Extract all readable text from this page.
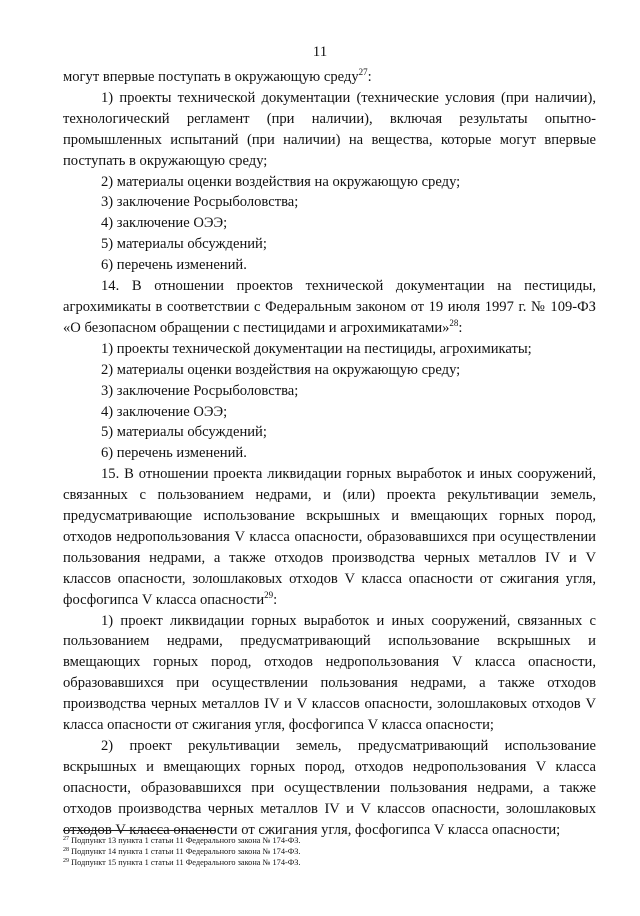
11

могут впервые поступать в окружающую среду$^{27}$:

1) проекты технической документации (технические условия (при наличии), технологический регламент (при наличии), включая результаты опытно-промышленных испытаний (при наличии) на вещества, которые могут впервые поступать в окружающую среду;

2) материалы оценки воздействия на окружающую среду;

3) заключение Росрыболовства;

4) заключение ОЭЭ;

5) материалы обсуждений;

6) перечень изменений.

14. В отношении проектов технической документации на пестициды, агрохимикаты в соответствии с Федеральным законом от 19 июля 1997 г. № 109-ФЗ «О безопасном обращении с пестицидами и агрохимикатами»$^{28}$:

1) проекты технической документации на пестициды, агрохимикаты;

2) материалы оценки воздействия на окружающую среду;

3) заключение Росрыболовства;

4) заключение ОЭЭ;

5) материалы обсуждений;

6) перечень изменений.

15. В отношении проекта ликвидации горных выработок и иных сооружений, связанных с пользованием недрами, и (или) проекта рекультивации земель, предусматривающие использование вскрышных и вмещающих горных пород, отходов недропользования V класса опасности, образовавшихся при осуществлении пользования недрами, а также отходов производства черных металлов IV и V классов опасности, золошлаковых отходов V класса опасности от сжигания угля, фосфогипса V класса опасности$^{29}$:

1) проект ликвидации горных выработок и иных сооружений, связанных с пользованием недрами, предусматривающий использование вскрышных и вмещающих горных пород, отходов недропользования V класса опасности, образовавшихся при осуществлении пользования недрами, а также отходов производства черных металлов IV и V классов опасности, золошлаковых отходов V класса опасности от сжигания угля, фосфогипса V класса опасности;

2) проект рекультивации земель, предусматривающий использование вскрышных и вмещающих горных пород, отходов недропользования V класса опасности, образовавшихся при осуществлении пользования недрами, а также отходов производства черных металлов IV и V классов опасности, золошлаковых отходов V класса опасности от сжигания угля, фосфогипса V класса опасности;

$^{27}$ Подпункт 13 пункта 1 статьи 11 Федерального закона № 174-ФЗ.
$^{28}$ Подпункт 14 пункта 1 статьи 11 Федерального закона № 174-ФЗ.
$^{29}$ Подпункт 15 пункта 1 статьи 11 Федерального закона № 174-ФЗ.
